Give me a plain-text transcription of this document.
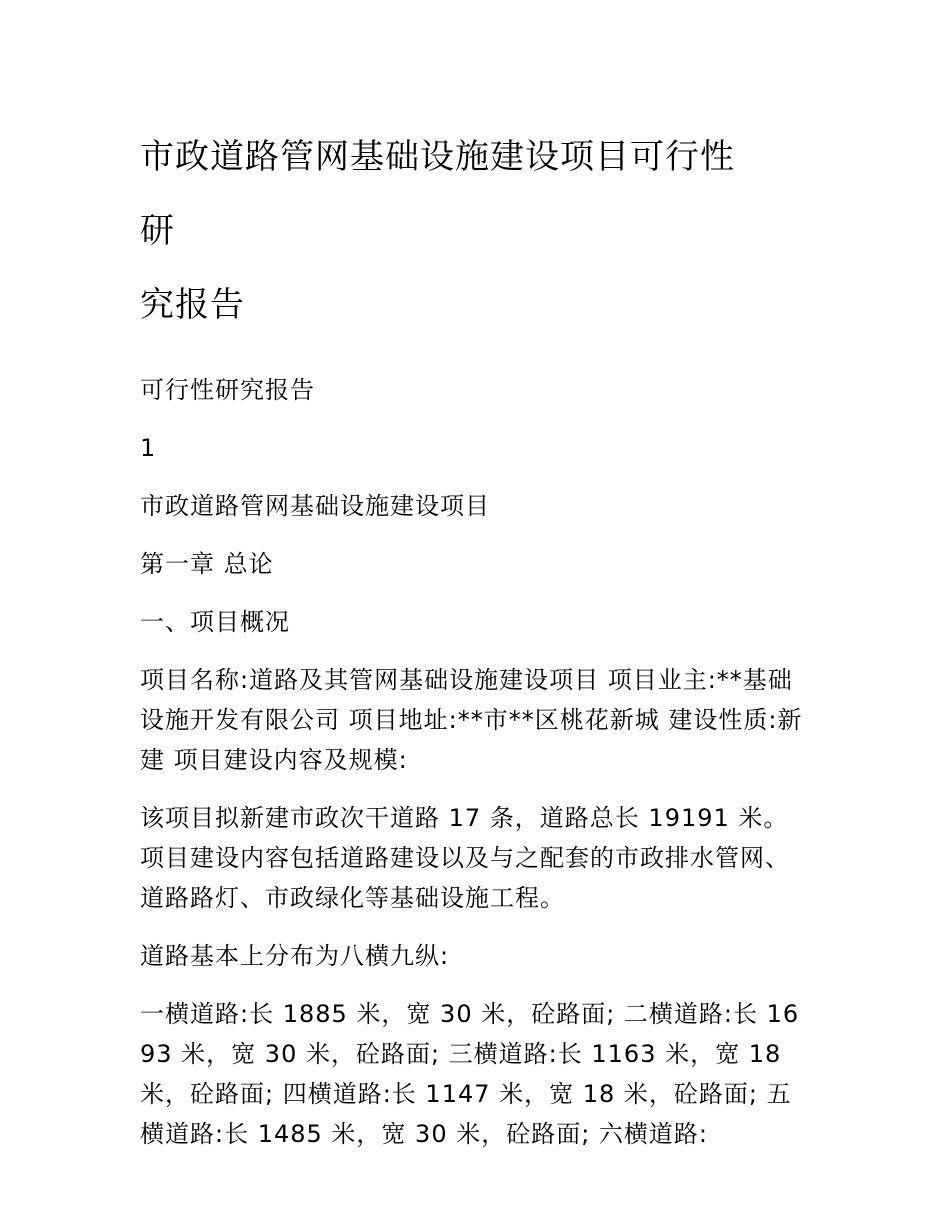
市政道路管网基础设施建设项目可行性
研
究报告

可行性研究报告

1

市政道路管网基础设施建设项目

第一章 总论

一、项目概况

项目名称:道路及其管网基础设施建设项目 项目业主:**基础设施开发有限公司 项目地址:**市**区桃花新城 建设性质:新建 项目建设内容及规模:

该项目拟新建市政次干道路 17 条，道路总长 19191 米。 项目建设内容包括道路建设以及与之配套的市政排水管网、道路路灯、市政绿化等基础设施工程。

道路基本上分布为八横九纵:

一横道路:长 1885 米，宽 30 米，砼路面; 二横道路:长 1693 米，宽 30 米，砼路面; 三横道路:长 1163 米，宽 18 米，砼路面; 四横道路:长 1147 米，宽 18 米，砼路面; 五横道路:长 1485 米，宽 30 米，砼路面; 六横道路:
